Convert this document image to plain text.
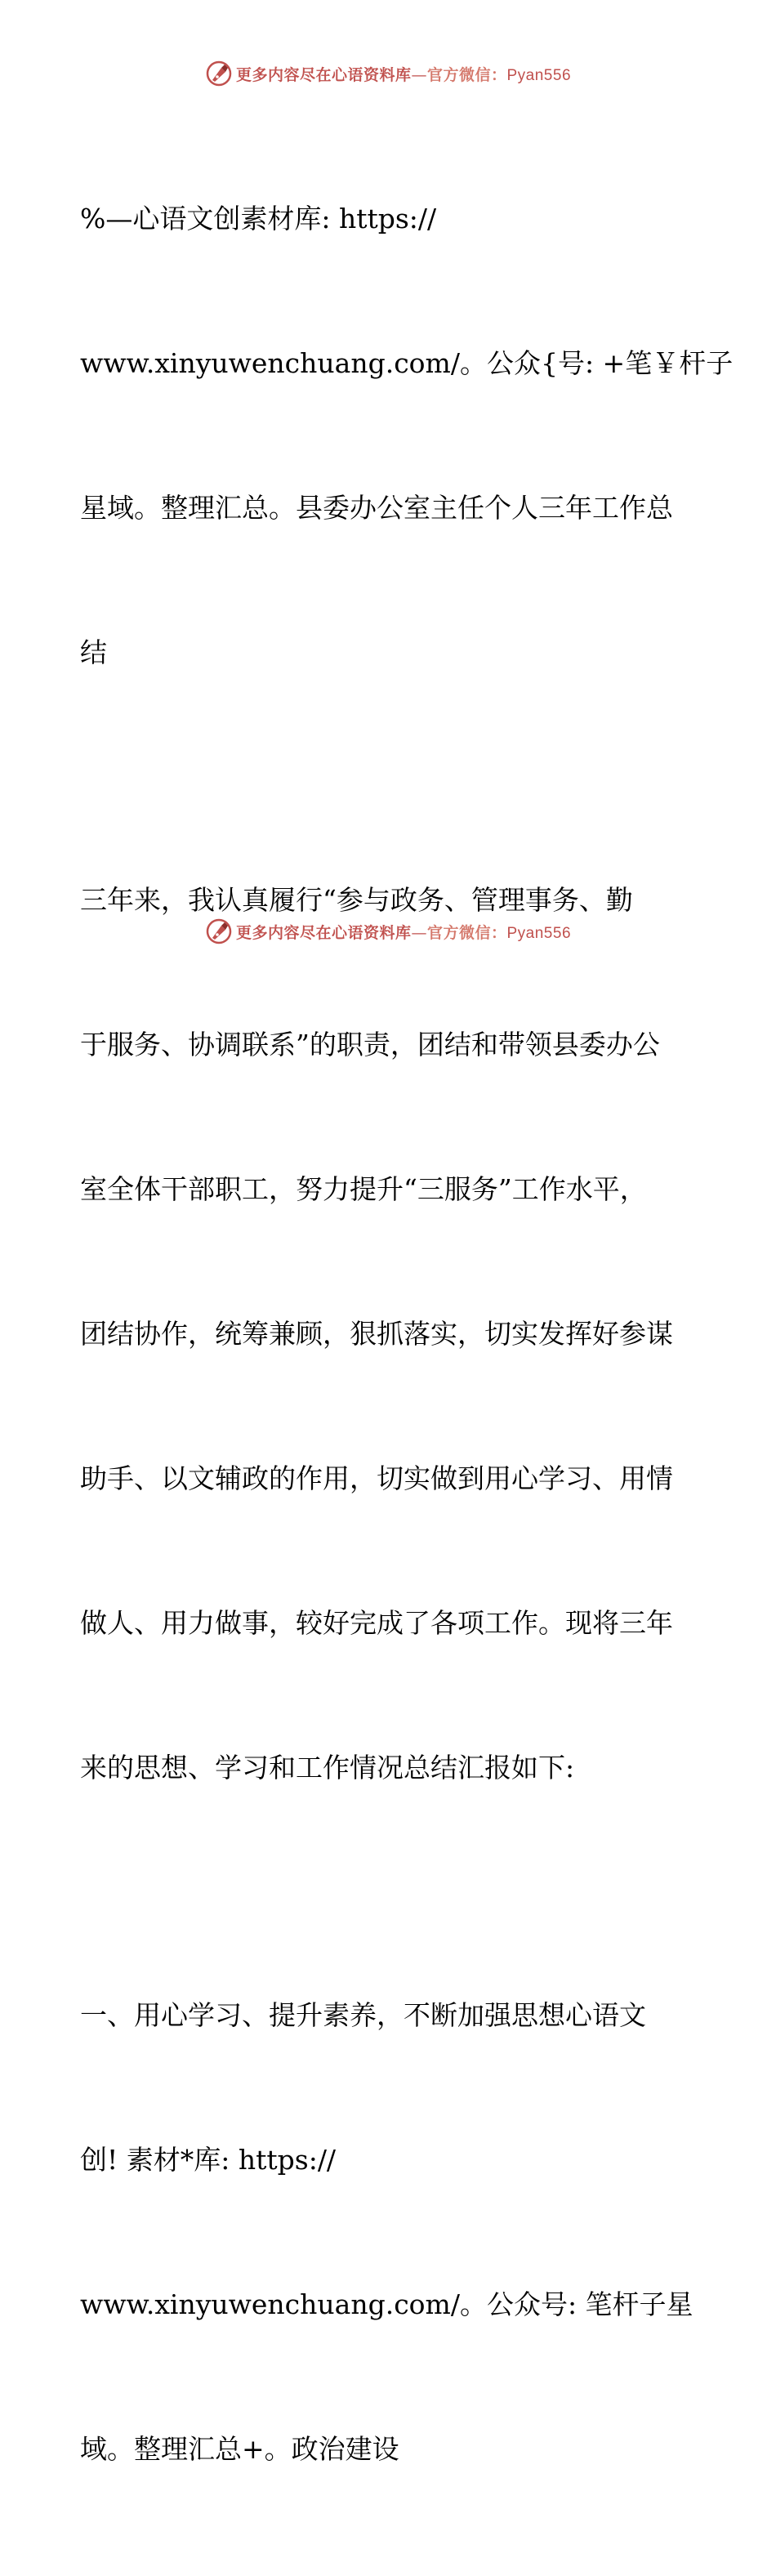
更多内容尽在心语资料库—官方微信：Pyan556

%—心语文创素材库: https://

www.xinyuwenchuang.com/。公众{号: +笔￥杆子

星域。整理汇总。县委办公室主任个人三年工作总

结

三年来，我认真履行“参与政务、管理事务、勤

于服务、协调联系”的职责，团结和带领县委办公

室全体干部职工，努力提升“三服务”工作水平，

团结协作，统筹兼顾，狠抓落实，切实发挥好参谋

助手、以文辅政的作用，切实做到用心学习、用情

做人、用力做事，较好完成了各项工作。现将三年

来的思想、学习和工作情况总结汇报如下:

一、用心学习、提升素养，不断加强思想心语文

创! 素材*库: https://

www.xinyuwenchuang.com/。公众号: 笔杆子星

域。整理汇总+。政治建设

更多内容尽在心语资料库—官方微信：Pyan556
